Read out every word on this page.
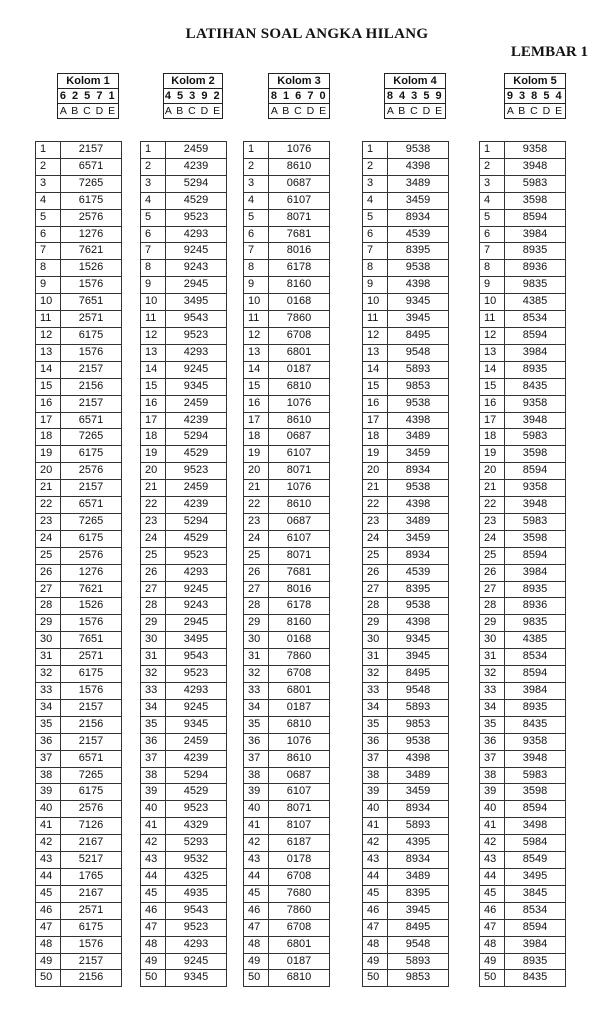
LATIHAN SOAL ANGKA HILANG
LEMBAR 1
Kolom 1
6 2 5 7 1
A B C D E
1	2157
2	6571
3	7265
4	6175
5	2576
6	1276
7	7621
8	1526
9	1576
10	7651
11	2571
12	6175
13	1576
14	2157
15	2156
16	2157
17	6571
18	7265
19	6175
20	2576
21	2157
22	6571
23	7265
24	6175
25	2576
26	1276
27	7621
28	1526
29	1576
30	7651
31	2571
32	6175
33	1576
34	2157
35	2156
36	2157
37	6571
38	7265
39	6175
40	2576
41	7126
42	2167
43	5217
44	1765
45	2167
46	2571
47	6175
48	1576
49	2157
50	2156
Kolom 2
4 5 3 9 2
A B C D E
1	2459
2	4239
3	5294
4	4529
5	9523
6	4293
7	9245
8	9243
9	2945
10	3495
11	9543
12	9523
13	4293
14	9245
15	9345
16	2459
17	4239
18	5294
19	4529
20	9523
21	2459
22	4239
23	5294
24	4529
25	9523
26	4293
27	9245
28	9243
29	2945
30	3495
31	9543
32	9523
33	4293
34	9245
35	9345
36	2459
37	4239
38	5294
39	4529
40	9523
41	4329
42	5293
43	9532
44	4325
45	4935
46	9543
47	9523
48	4293
49	9245
50	9345
Kolom 3
8 1 6 7 0
A B C D E
1	1076
2	8610
3	0687
4	6107
5	8071
6	7681
7	8016
8	6178
9	8160
10	0168
11	7860
12	6708
13	6801
14	0187
15	6810
16	1076
17	8610
18	0687
19	6107
20	8071
21	1076
22	8610
23	0687
24	6107
25	8071
26	7681
27	8016
28	6178
29	8160
30	0168
31	7860
32	6708
33	6801
34	0187
35	6810
36	1076
37	8610
38	0687
39	6107
40	8071
41	8107
42	6187
43	0178
44	6708
45	7680
46	7860
47	6708
48	6801
49	0187
50	6810
Kolom 4
8 4 3 5 9
A B C D E
1	9538
2	4398
3	3489
4	3459
5	8934
6	4539
7	8395
8	9538
9	4398
10	9345
11	3945
12	8495
13	9548
14	5893
15	9853
16	9538
17	4398
18	3489
19	3459
20	8934
21	9538
22	4398
23	3489
24	3459
25	8934
26	4539
27	8395
28	9538
29	4398
30	9345
31	3945
32	8495
33	9548
34	5893
35	9853
36	9538
37	4398
38	3489
39	3459
40	8934
41	5893
42	4395
43	8934
44	3489
45	8395
46	3945
47	8495
48	9548
49	5893
50	9853
Kolom 5
9 3 8 5 4
A B C D E
1	9358
2	3948
3	5983
4	3598
5	8594
6	3984
7	8935
8	8936
9	9835
10	4385
11	8534
12	8594
13	3984
14	8935
15	8435
16	9358
17	3948
18	5983
19	3598
20	8594
21	9358
22	3948
23	5983
24	3598
25	8594
26	3984
27	8935
28	8936
29	9835
30	4385
31	8534
32	8594
33	3984
34	8935
35	8435
36	9358
37	3948
38	5983
39	3598
40	8594
41	3498
42	5984
43	8549
44	3495
45	3845
46	8534
47	8594
48	3984
49	8935
50	8435
